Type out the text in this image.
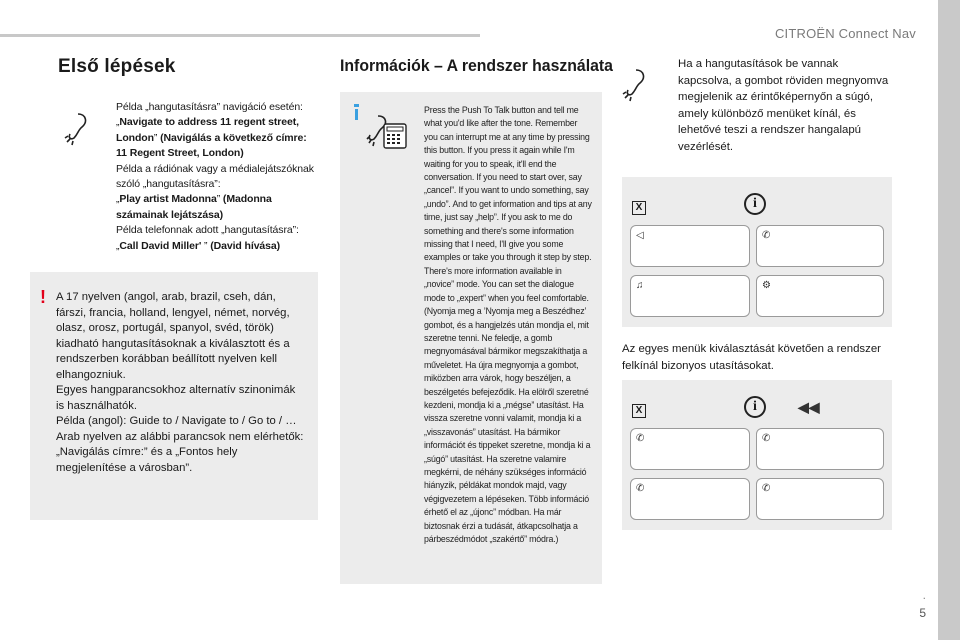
CITROËN Connect Nav
.
5
Első lépések
Példa „hangutasításra” navigáció esetén:
„Navigate to address 11 regent street, London” (Navigálás a következő címre: 11 Regent Street, London)
Példa a rádiónak vagy a médialejátszóknak szóló „hangutasításra”:
„Play artist Madonna” (Madonna számainak lejátszása)
Példa telefonnak adott „hangutasításra”:
„Call David Miller' ” (David hívása)
! A 17 nyelven (angol, arab, brazil, cseh, dán, fárszi, francia, holland, lengyel, német, norvég, olasz, orosz, portugál, spanyol, svéd, török) kiadható hangutasításoknak a kiválasztott és a rendszerben korábban beállított nyelven kell elhangozniuk.
Egyes hangparancsokhoz alternatív szinonimák is használhatók.
Példa (angol): Guide to / Navigate to / Go to / …
Arab nyelven az alábbi parancsok nem elérhetők: „Navigálás címre:” és a „Fontos hely megjelenítése a városban”.
Információk – A rendszer használata
Press the Push To Talk button and tell me what you'd like after the tone. Remember you can interrupt me at any time by pressing this button. If you press it again while I'm waiting for you to speak, it'll end the conversation. If you need to start over, say „cancel”. If you want to undo something, say „undo”. And to get information and tips at any time, just say „help”. If you ask to me do something and there's some information missing that I need, I'll give you some examples or take you through it step by step. There's more information available in „novice” mode. You can set the dialogue mode to „expert” when you feel comfortable. (Nyomja meg a ’Nyomja meg a Beszédhez’ gombot, és a hangjelzés után mondja el, mit szeretne tenni. Ne feledje, a gomb megnyomásával bármikor megszakíthatja a műveletet. Ha újra megnyomja a gombot, miközben arra várok, hogy beszéljen, a beszélgetés befejeződik. Ha elölről szeretné kezdeni, mondja ki a „mégse” utasítást. Ha vissza szeretne vonni valamit, mondja ki a „visszavonás” utasítást. Ha bármikor információt és tippeket szeretne, mondja ki a „súgó” utasítást. Ha szeretne valamire megkérni, de néhány szükséges információ hiányzik, példákat mondok majd, vagy végigvezetem a lépéseken. Több információ érhető el az „újonc” módban. Ha már biztosnak érzi a tudását, átkapcsolhatja a párbeszédmódot „szakértő” módra.)
Ha a hangutasítások be vannak kapcsolva, a gombot röviden megnyomva megjelenik az érintőképernyőn a súgó, amely különböző menüket kínál, és lehetővé teszi a rendszer hangalapú vezérlését.
X	i
◁	✆
♫	⚙
Az egyes menük kiválasztását követően a rendszer felkínál bizonyos utasításokat.
X	i	◀◀
✆	✆
✆	✆
